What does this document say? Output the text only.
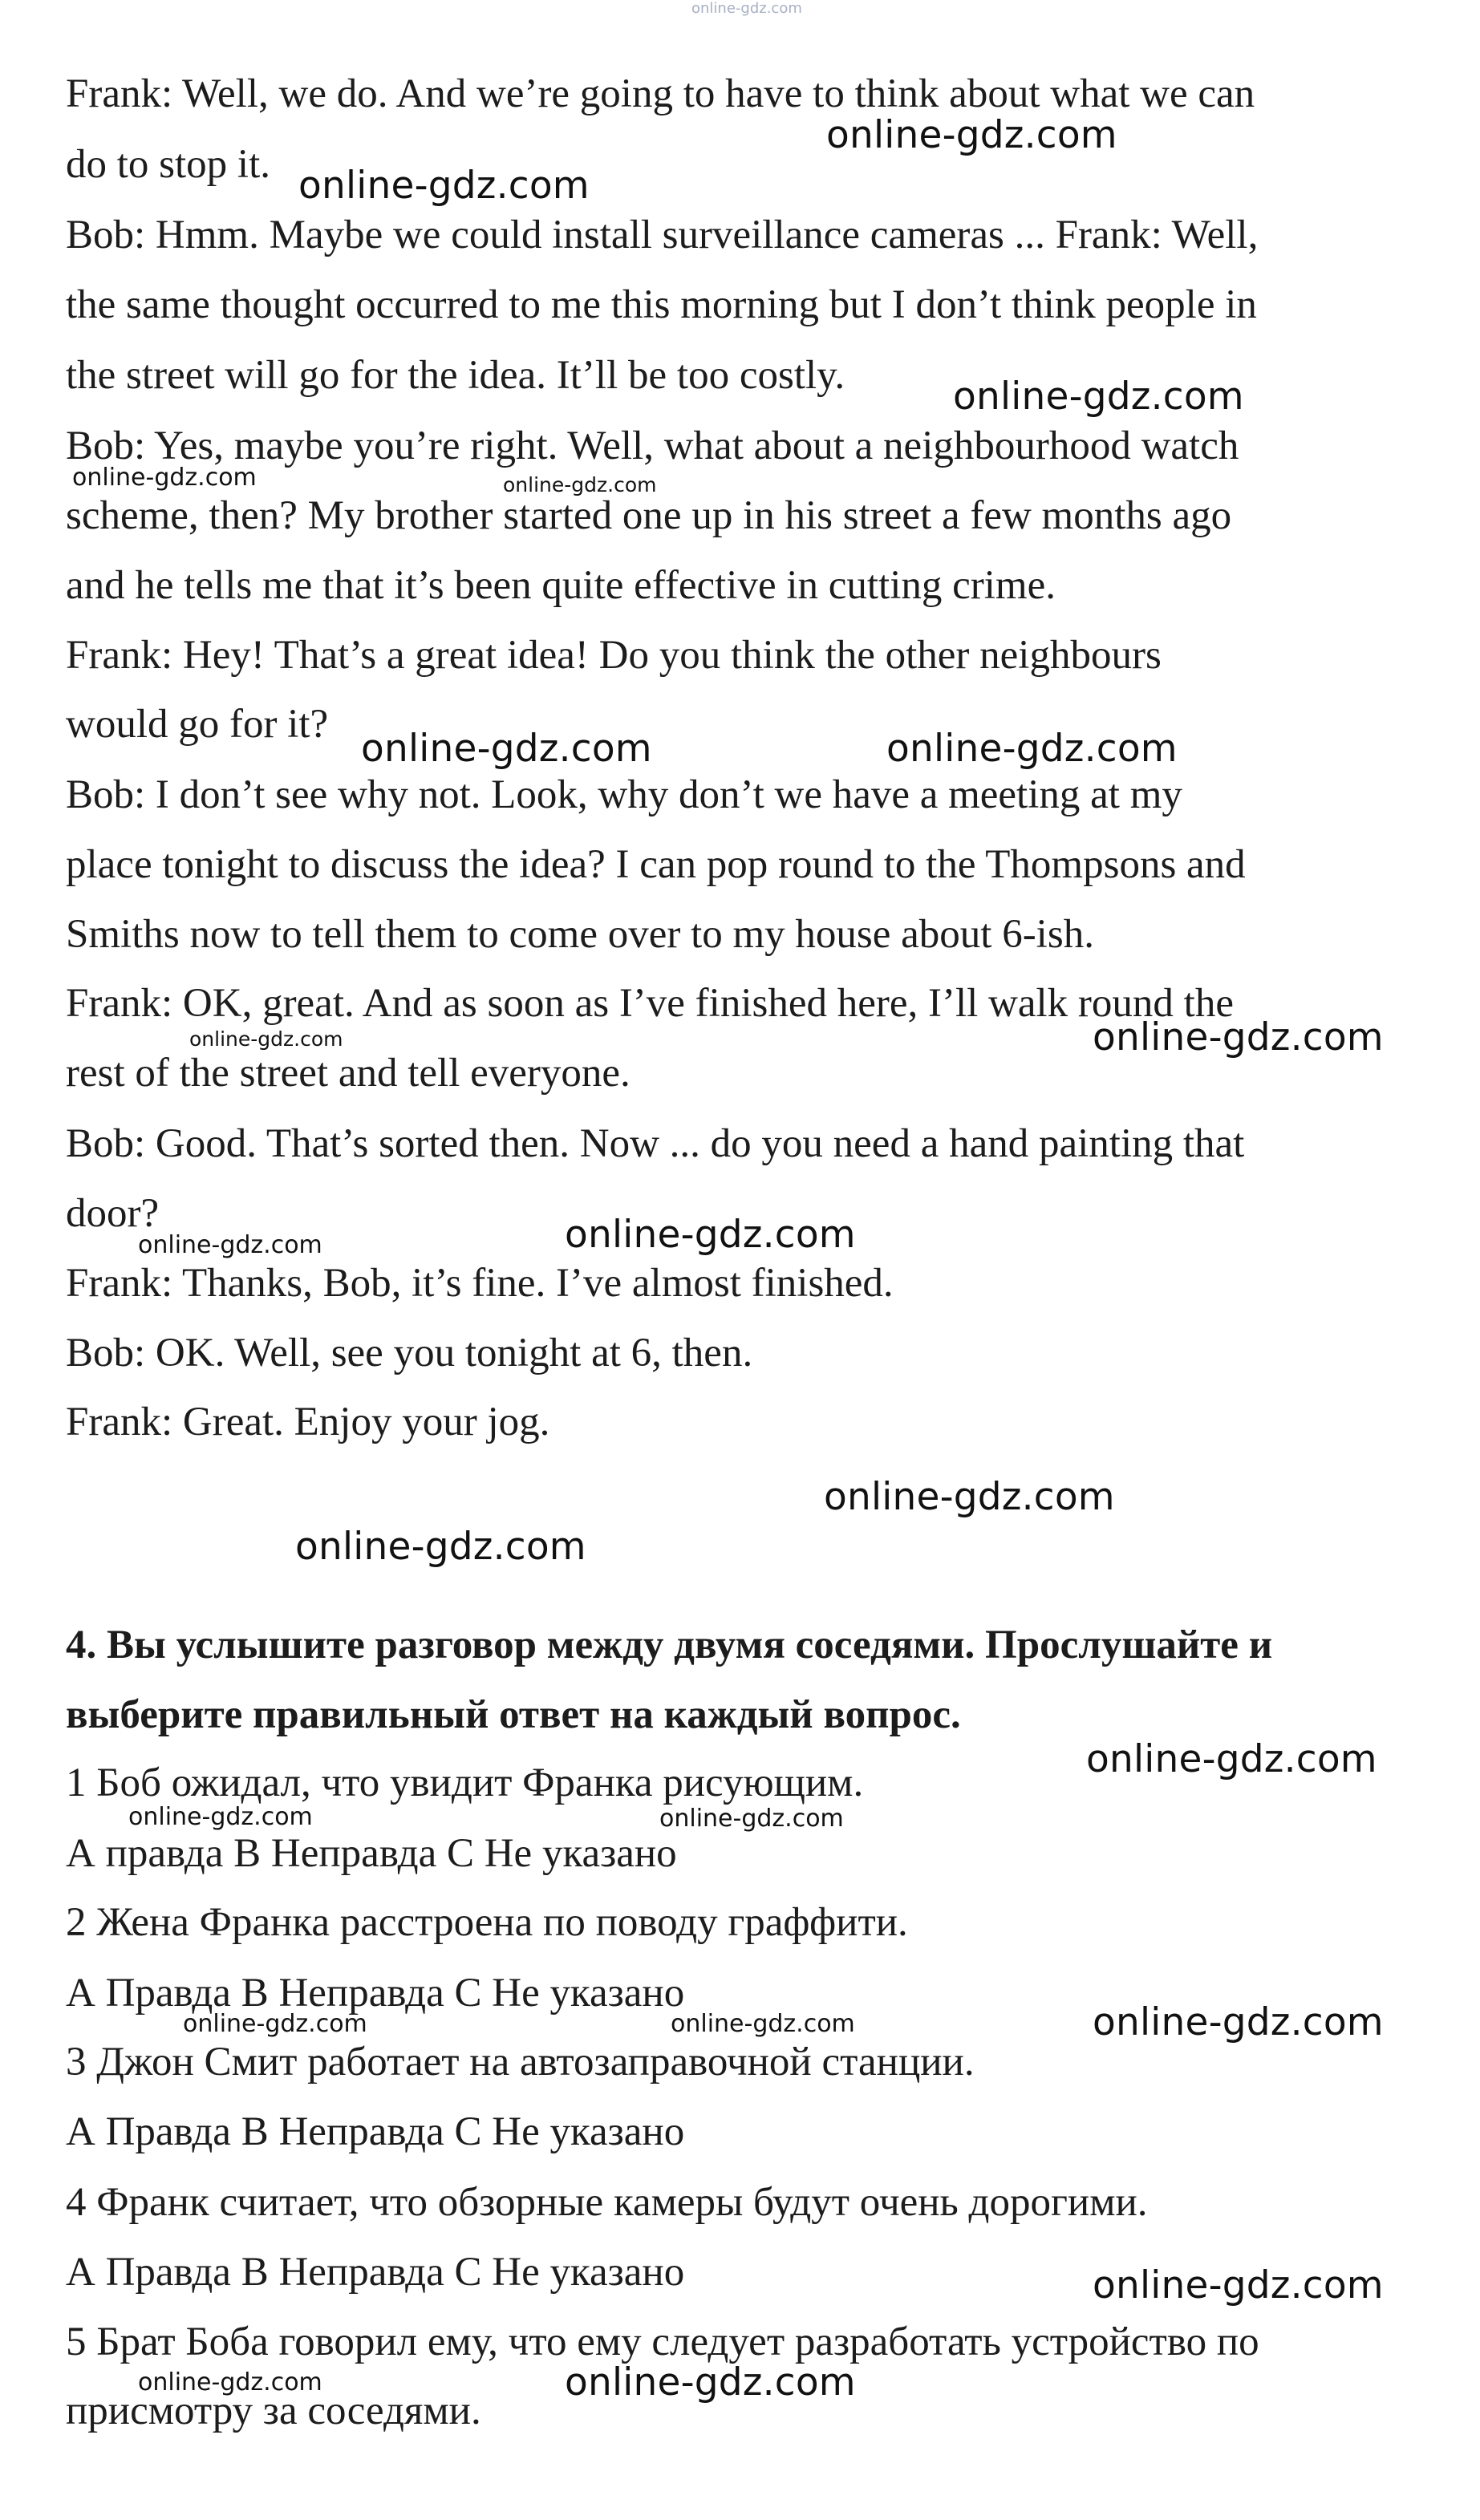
online-gdz.com
Frank: Well, we do. And we’re going to have to think about what we can
do to stop it.
Bob: Hmm. Maybe we could install surveillance cameras ... Frank: Well,
the same thought occurred to me this morning but I don’t think people in
the street will go for the idea. It’ll be too costly.
Bob: Yes, maybe you’re right. Well, what about a neighbourhood watch
scheme, then? My brother started one up in his street a few months ago
and he tells me that it’s been quite effective in cutting crime.
Frank: Hey! That’s a great idea! Do you think the other neighbours
would go for it?
Bob: I don’t see why not. Look, why don’t we have a meeting at my
place tonight to discuss the idea? I can pop round to the Thompsons and
Smiths now to tell them to come over to my house about 6-ish.
Frank: OK, great. And as soon as I’ve finished here, I’ll walk round the
rest of the street and tell everyone.
Bob: Good. That’s sorted then. Now ... do you need a hand painting that
door?
Frank: Thanks, Bob, it’s fine. I’ve almost finished.
Bob: OK. Well, see you tonight at 6, then.
Frank: Great. Enjoy your jog.
4. Вы услышите разговор между двумя соседями. Прослушайте и
выберите правильный ответ на каждый вопрос.
1 Боб ожидал, что увидит Франка рисующим.
А правда В Неправда С Не указано
2 Жена Франка расстроена по поводу граффити.
А Правда В Неправда С Не указано
3 Джон Смит работает на автозаправочной станции.
А Правда В Неправда С Не указано
4 Франк считает, что обзорные камеры будут очень дорогими.
А Правда В Неправда С Не указано
5 Брат Боба говорил ему, что ему следует разработать устройство по
присмотру за соседями.
online-gdz.com
online-gdz.com
online-gdz.com
online-gdz.com	online-gdz.com
online-gdz.com	online-gdz.com
online-gdz.com	online-gdz.com
online-gdz.com	online-gdz.com
online-gdz.com
online-gdz.com
online-gdz.com
online-gdz.com	online-gdz.com
online-gdz.com	online-gdz.com	online-gdz.com
online-gdz.com
online-gdz.com	online-gdz.com
